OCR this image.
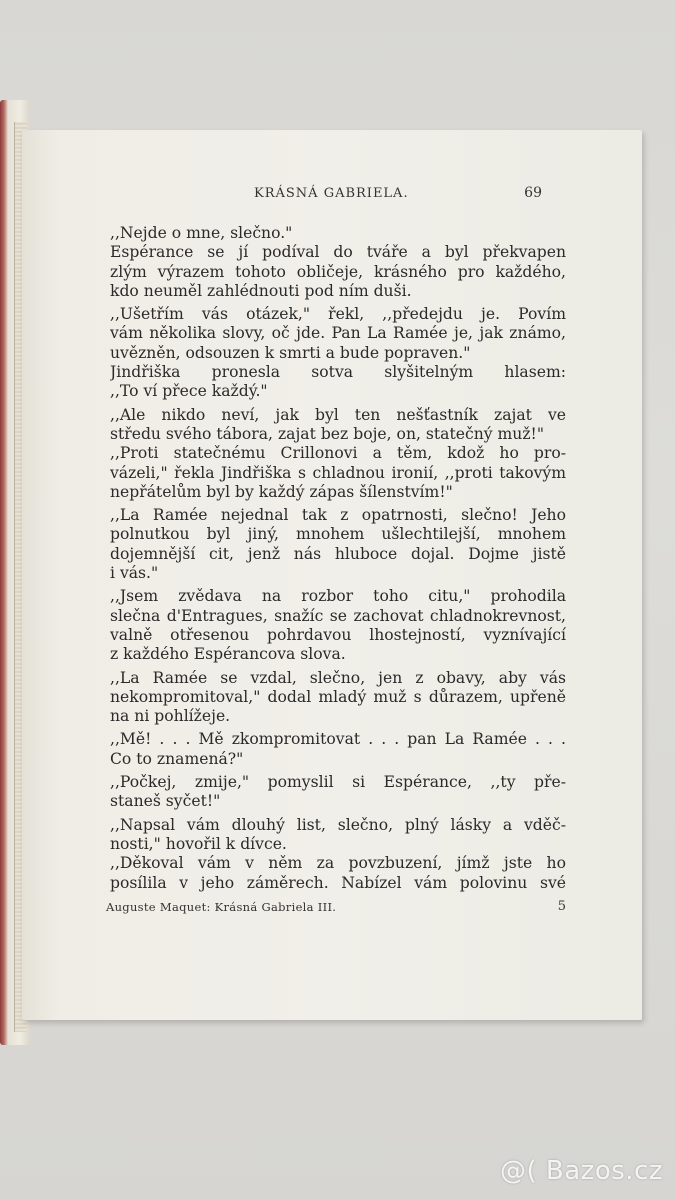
KRÁSNÁ GABRIELA.	69
,,Nejde o mne, slečno."
Espérance se jí podíval do tváře a byl překvapen
zlým výrazem tohoto obličeje, krásného pro každého,
kdo neuměl zahlédnouti pod ním duši.
,,Ušetřím vás otázek," řekl, ,,předejdu je. Povím
vám několika slovy, oč jde. Pan La Ramée je, jak známo,
uvězněn, odsouzen k smrti a bude popraven."
Jindřiška pronesla sotva slyšitelným hlasem:
,,To ví přece každý."
,,Ale nikdo neví, jak byl ten nešťastník zajat ve
středu svého tábora, zajat bez boje, on, statečný muž!"
,,Proti statečnému Crillonovi a těm, kdož ho pro-
vázeli," řekla Jindřiška s chladnou ironií, ,,proti takovým
nepřátelům byl by každý zápas šílenstvím!"
,,La Ramée nejednal tak z opatrnosti, slečno! Jeho
polnutkou byl jiný, mnohem ušlechtilejší, mnohem
dojemnější cit, jenž nás hluboce dojal. Dojme jistě
i vás."
,,Jsem zvědava na rozbor toho citu," prohodila
slečna d'Entragues, snažíc se zachovat chladnokrevnost,
valně otřesenou pohrdavou lhostejností, vyznívající
z každého Espérancova slova.
,,La Ramée se vzdal, slečno, jen z obavy, aby vás
nekompromitoval," dodal mladý muž s důrazem, upřeně
na ni pohlížeje.
,,Mě! . . . Mě zkompromitovat . . . pan La Ramée . . .
Co to znamená?"
,,Počkej, zmije," pomyslil si Espérance, ,,ty pře-
staneš syčet!"
,,Napsal vám dlouhý list, slečno, plný lásky a vděč-
nosti," hovořil k dívce.
,,Děkoval vám v něm za povzbuzení, jímž jste ho
posílila v jeho záměrech. Nabízel vám polovinu své
Auguste Maquet: Krásná Gabriela III.	5
@( Bazos.cz
